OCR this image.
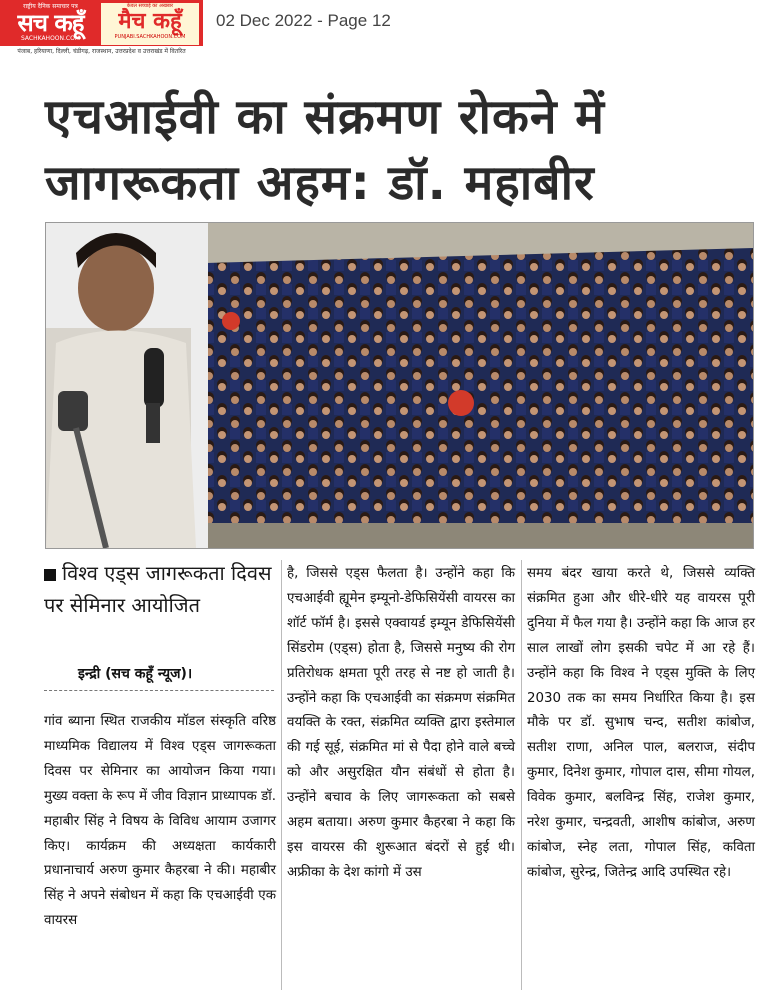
राष्ट्रीय दैनिक समाचार पत्र
सच कहूँ
SACHKAHOON.COM
केवल सच्चाई का अखबार
मैच कहूँ
PUNJABI.SACHKAHOON.COM
पंजाब, हरियाणा, दिल्ली, चंडीगढ़, राजस्थान, उत्तरप्रदेश व उत्तराखंड में वितरित
02 Dec 2022 - Page 12
एचआईवी का संक्रमण रोकने में जागरूकता अहम: डॉ. महाबीर
विश्व एड्स जागरूकता दिवस पर सेमिनार आयोजित
इन्द्री (सच कहूँ न्यूज)।
गांव ब्याना स्थित राजकीय मॉडल संस्कृति वरिष्ठ माध्यमिक विद्यालय में विश्व एड्स जागरूकता दिवस पर सेमिनार का आयोजन किया गया। मुख्य वक्ता के रूप में जीव विज्ञान प्राध्यापक डॉ. महाबीर सिंह ने विषय के विविध आयाम उजागर किए। कार्यक्रम की अध्यक्षता कार्यकारी प्रधानाचार्य अरुण कुमार कैहरबा ने की। महाबीर सिंह ने अपने संबोधन में कहा कि एचआईवी एक वायरस
है, जिससे एड्स फैलता है। उन्होंने कहा कि एचआईवी ह्यूमेन इम्यूनो-डेफिसियेंसी वायरस का शॉर्ट फॉर्म है। इससे एक्वायर्ड इम्यून डेफिसियेंसी सिंडरोम (एड्स) होता है, जिससे मनुष्य की रोग प्रतिरोधक क्षमता पूरी तरह से नष्ट हो जाती है। उन्होंने कहा कि एचआईवी का संक्रमण संक्रमित वयक्ति के रक्त, संक्रमित व्यक्ति द्वारा इस्तेमाल की गई सूई, संक्रमित मां से पैदा होने वाले बच्चे को और असुरक्षित यौन संबंधों से होता है। उन्होंने बचाव के लिए जागरूकता को सबसे अहम बताया। अरुण कुमार कैहरबा ने कहा कि इस वायरस की शुरूआत बंदरों से हुई थी। अफ्रीका के देश कांगो में उस
समय बंदर खाया करते थे, जिससे व्यक्ति संक्रमित हुआ और धीरे-धीरे यह वायरस पूरी दुनिया में फैल गया है। उन्होंने कहा कि आज हर साल लाखों लोग इसकी चपेट में आ रहे हैं। उन्होंने कहा कि विश्व ने एड्स मुक्ति के लिए 2030 तक का समय निर्धारित किया है। इस मौके पर डॉ. सुभाष चन्द, सतीश कांबोज, सतीश राणा, अनिल पाल, बलराज, संदीप कुमार, दिनेश कुमार, गोपाल दास, सीमा गोयल, विवेक कुमार, बलविन्द्र सिंह, राजेश कुमार, नरेश कुमार, चन्द्रवती, आशीष कांबोज, अरुण कांबोज, स्नेह लता, गोपाल सिंह, कविता कांबोज, सुरेन्द्र, जितेन्द्र आदि उपस्थित रहे।
